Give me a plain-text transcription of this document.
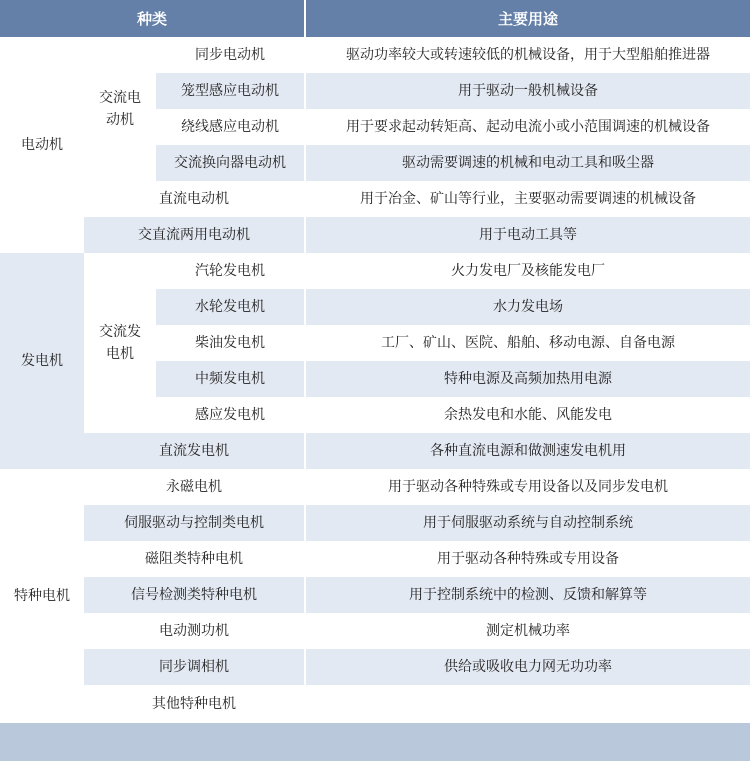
种类	主要用途
电动机
交流电动机
同步电动机	驱动功率较大或转速较低的机械设备，用于大型船舶推进器
笼型感应电动机	用于驱动一般机械设备
绕线感应电动机	用于要求起动转矩高、起动电流小或小范围调速的机械设备
交流换向器电动机	驱动需要调速的机械和电动工具和吸尘器
直流电动机	用于冶金、矿山等行业，主要驱动需要调速的机械设备
交直流两用电动机	用于电动工具等
发电机
交流发电机
汽轮发电机	火力发电厂及核能发电厂
水轮发电机	水力发电场
柴油发电机	工厂、矿山、医院、船舶、移动电源、自备电源
中频发电机	特种电源及高频加热用电源
感应发电机	余热发电和水能、风能发电
直流发电机	各种直流电源和做测速发电机用
特种电机
永磁电机	用于驱动各种特殊或专用设备以及同步发电机
伺服驱动与控制类电机	用于伺服驱动系统与自动控制系统
磁阻类特种电机	用于驱动各种特殊或专用设备
信号检测类特种电机	用于控制系统中的检测、反馈和解算等
电动测功机	测定机械功率
同步调相机	供给或吸收电力网无功功率
其他特种电机
